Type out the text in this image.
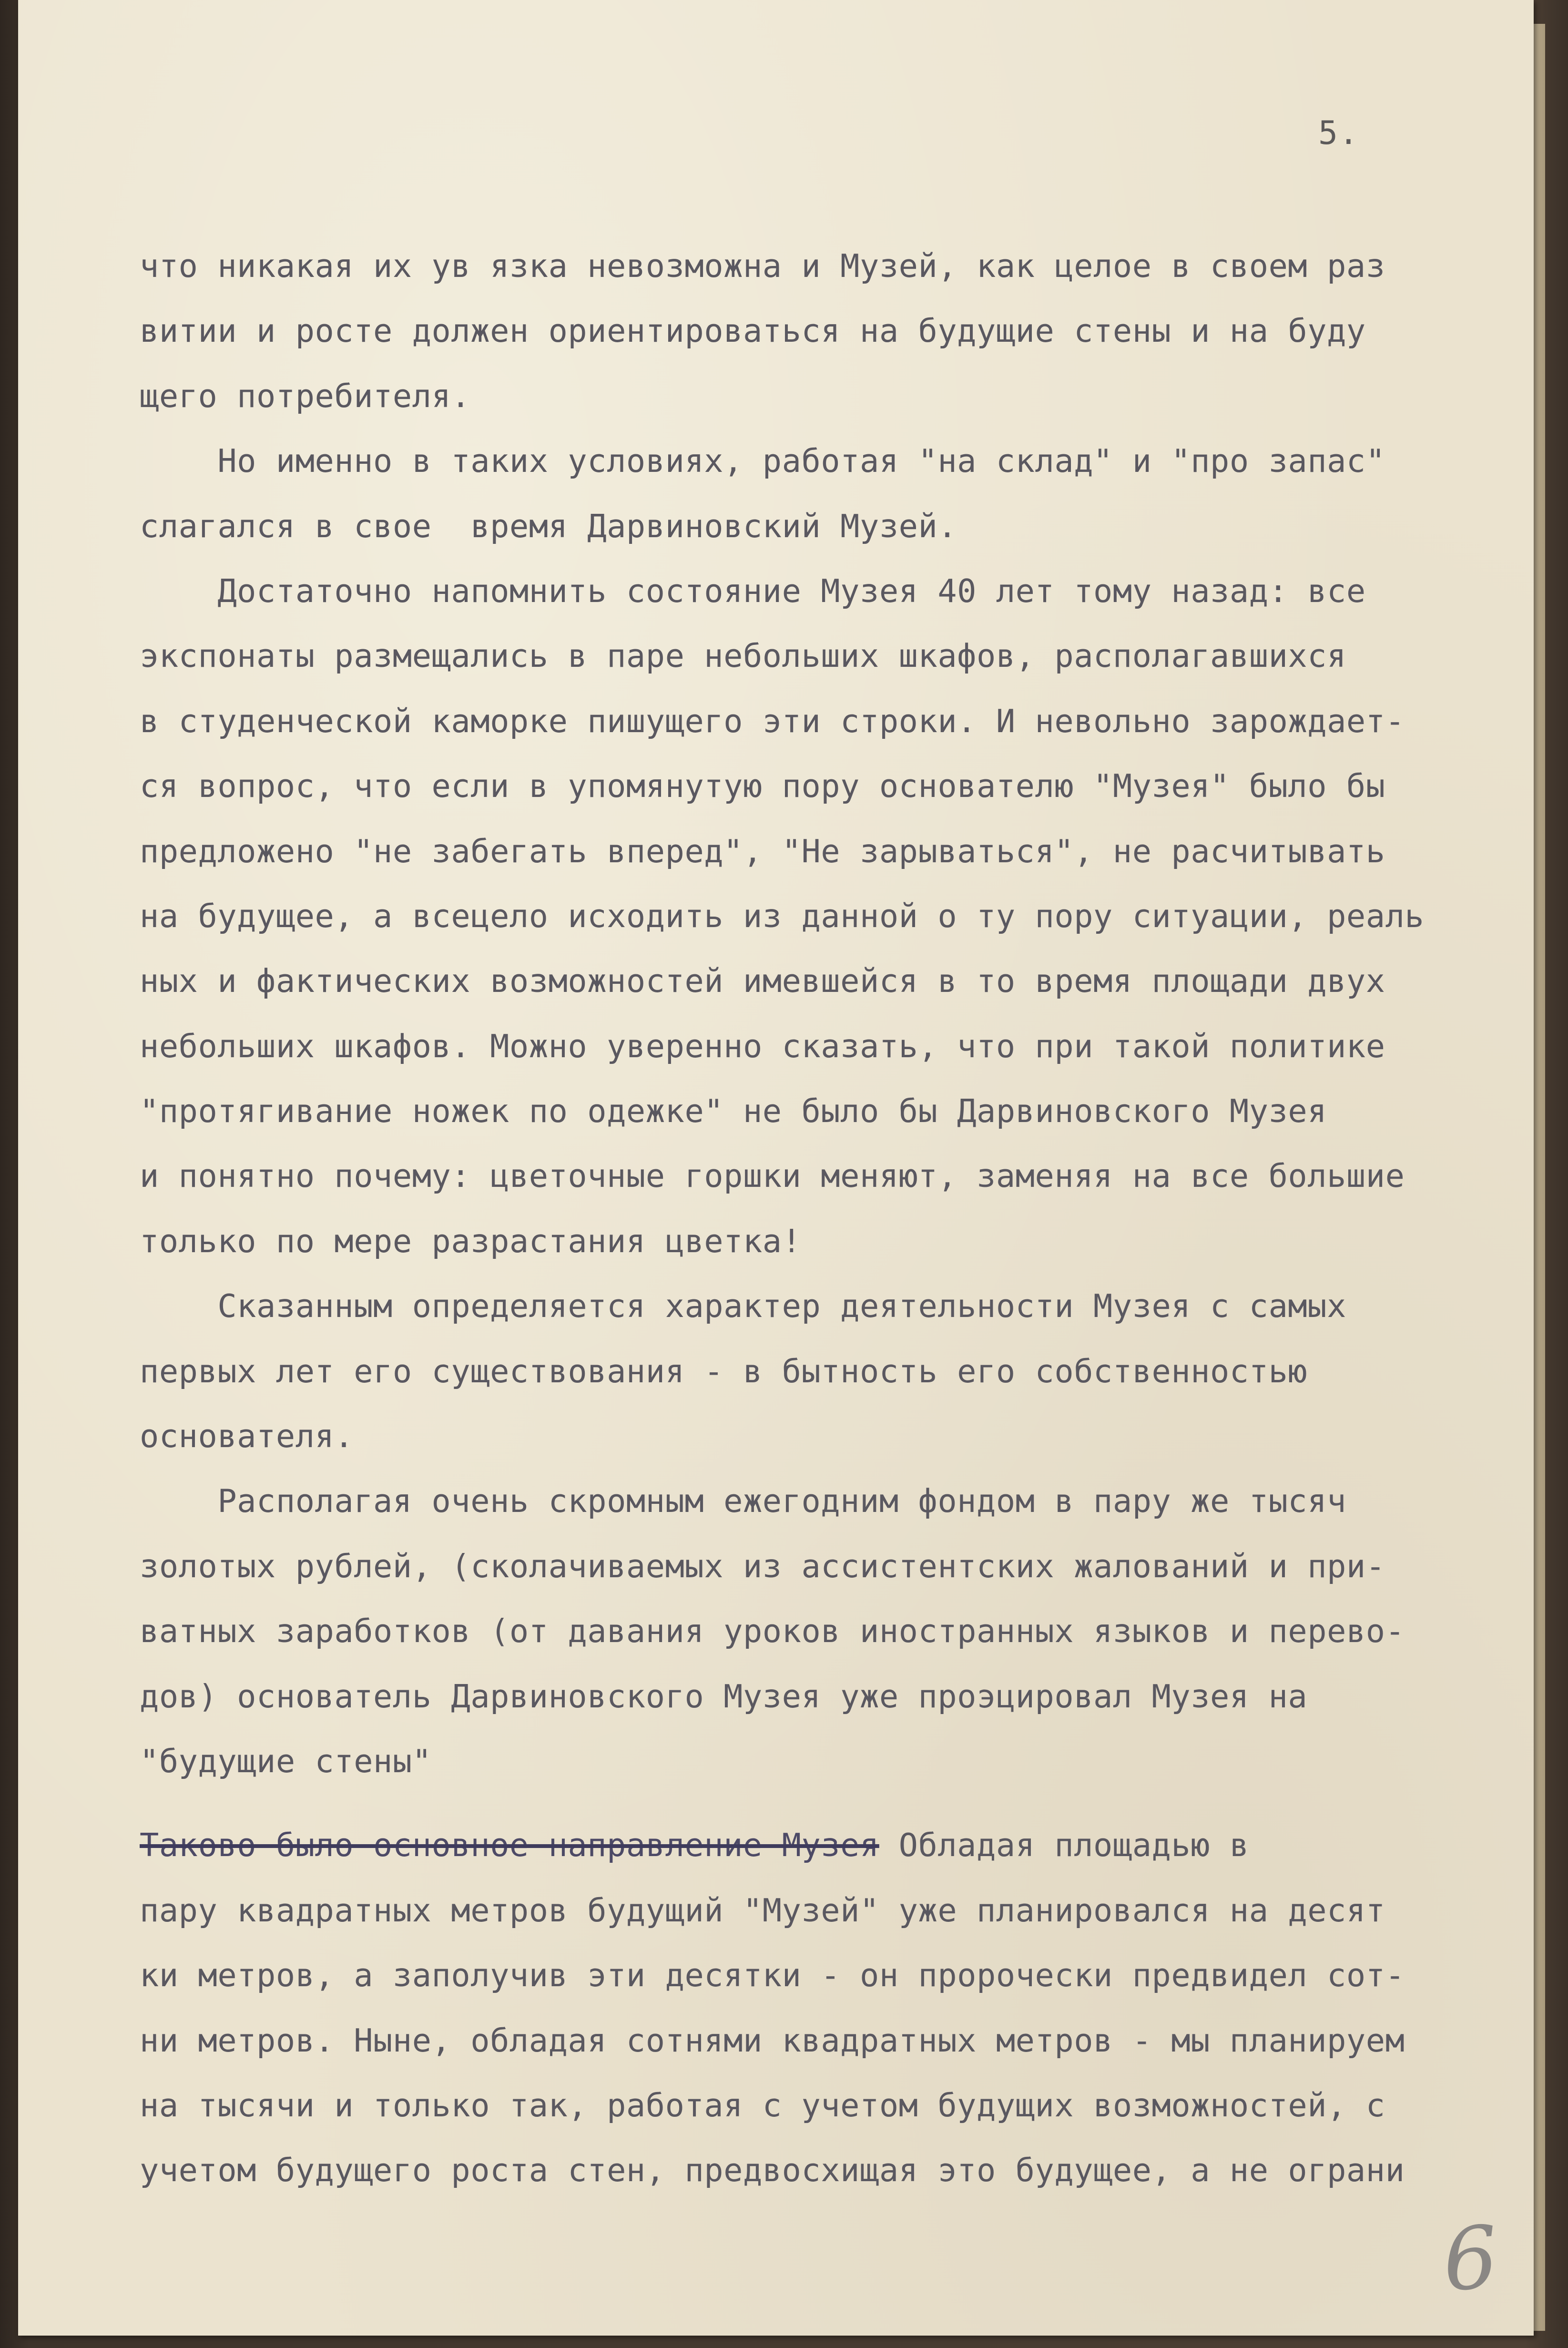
5.
что никакая их ув язка невозможна и Музей, как целое в своем раз
витии и росте должен ориентироваться на будущие стены и на буду
щего потребителя.
Но именно в таких условиях, работая "на склад" и "про запас"
слагался в свое  время Дарвиновский Музей.
Достаточно напомнить состояние Музея 40 лет тому назад: все
экспонаты размещались в паре небольших шкафов, располагавшихся
в студенческой каморке пишущего эти строки. И невольно зарождает-
ся вопрос, что если в упомянутую пору основателю "Музея" было бы
предложено "не забегать вперед", "Не зарываться", не расчитывать
на будущее, а всецело исходить из данной о ту пору ситуации, реаль
ных и фактических возможностей имевшейся в то время площади двух
небольших шкафов. Можно уверенно сказать, что при такой политике
"протягивание ножек по одежке" не было бы Дарвиновского Музея
и понятно почему: цветочные горшки меняют, заменяя на все большие
только по мере разрастания цветка!
Сказанным определяется характер деятельности Музея с самых
первых лет его существования - в бытность его собственностью
основателя.
Располагая очень скромным ежегодним фондом в пару же тысяч
золотых рублей, (сколачиваемых из ассистентских жалований и при-
ватных заработков (от давания уроков иностранных языков и перево-
дов) основатель Дарвиновского Музея уже проэцировал Музея на
"будущие стены"
Таково было основное направление Музея Обладая площадью в
пару квадратных метров будущий "Музей" уже планировался на десят
ки метров, а заполучив эти десятки - он пророчески предвидел сот-
ни метров. Ныне, обладая сотнями квадратных метров - мы планируем
на тысячи и только так, работая с учетом будущих возможностей, с
учетом будущего роста стен, предвосхищая это будущее, а не ограни
6
